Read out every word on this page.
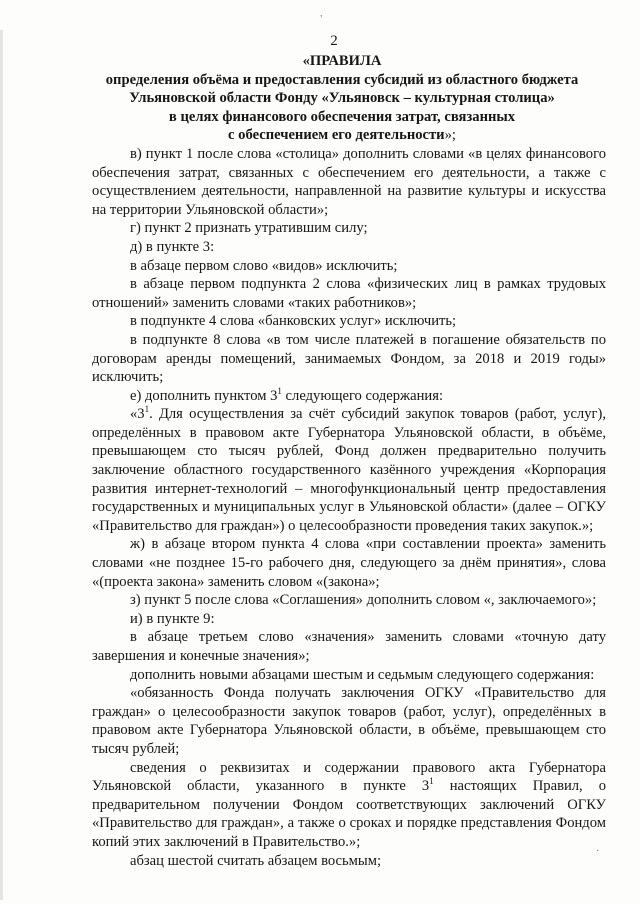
,
·
2
«ПРАВИЛА
определения объёма и предоставления субсидий из областного бюджета
Ульяновской области Фонду «Ульяновск – культурная столица»
в целях финансового обеспечения затрат, связанных
с обеспечением его деятельности»;

в) пункт 1 после слова «столица» дополнить словами «в целях финансового обеспечения затрат, связанных с обеспечением его деятельности, а также с осуществлением деятельности, направленной на развитие культуры и искусства на территории Ульяновской области»;

г) пункт 2 признать утратившим силу;

д) в пункте 3:

в абзаце первом слово «видов» исключить;

в абзаце первом подпункта 2 слова «физических лиц в рамках трудовых отношений» заменить словами «таких работников»;

в подпункте 4 слова «банковских услуг» исключить;

в подпункте 8 слова «в том числе платежей в погашение обязательств по договорам аренды помещений, занимаемых Фондом, за 2018 и 2019 годы» исключить;

е) дополнить пунктом $3^1$ следующего содержания:

«$3^1$. Для осуществления за счёт субсидий закупок товаров (работ, услуг), определённых в правовом акте Губернатора Ульяновской области, в объёме, превышающем сто тысяч рублей, Фонд должен предварительно получить заключение областного государственного казённого учреждения «Корпорация развития интернет-технологий – многофункциональный центр предоставления государственных и муниципальных услуг в Ульяновской области» (далее – ОГКУ «Правительство для граждан») о целесообразности проведения таких закупок.»;

ж) в абзаце втором пункта 4 слова «при составлении проекта» заменить словами «не позднее 15-го рабочего дня, следующего за днём принятия», слова «(проекта закона» заменить словом «(закона»;

з) пункт 5 после слова «Соглашения» дополнить словом «, заключаемого»;

и) в пункте 9:

в абзаце третьем слово «значения» заменить словами «точную дату завершения и конечные значения»;

дополнить новыми абзацами шестым и седьмым следующего содержания:

«обязанность Фонда получать заключения ОГКУ «Правительство для граждан» о целесообразности закупок товаров (работ, услуг), определённых в правовом акте Губернатора Ульяновской области, в объёме, превышающем сто тысяч рублей;

сведения о реквизитах и содержании правового акта Губернатора Ульяновской области, указанного в пункте $3^1$ настоящих Правил, о предварительном получении Фондом соответствующих заключений ОГКУ «Правительство для граждан», а также о сроках и порядке представления Фондом копий этих заключений в Правительство.»;

абзац шестой считать абзацем восьмым;
